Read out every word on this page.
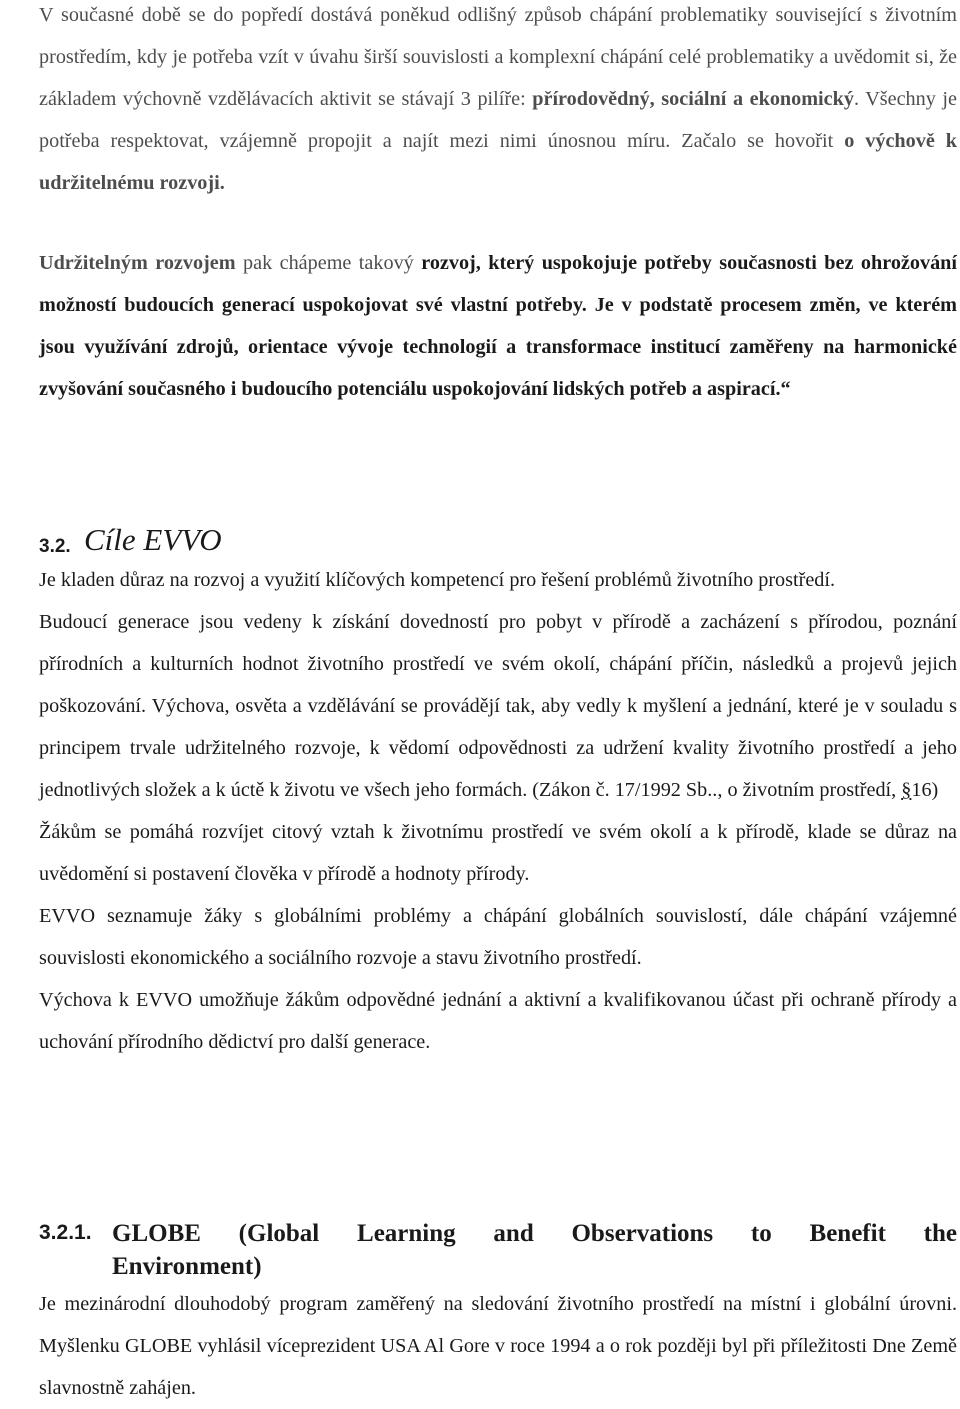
V současné době se do popředí dostává poněkud odlišný způsob chápání problematiky související s životním prostředím, kdy je potřeba vzít v úvahu širší souvislosti a komplexní chápání celé problematiky a uvědomit si, že základem výchovně vzdělávacích aktivit se stávají 3 pilíře: přírodovědný, sociální a ekonomický. Všechny je potřeba respektovat, vzájemně propojit a najít mezi nimi únosnou míru. Začalo se hovořit o výchově k udržitelnému rozvoji.

Udržitelným rozvojem pak chápeme takový rozvoj, který uspokojuje potřeby současnosti bez ohrožování možností budoucích generací uspokojovat své vlastní potřeby. Je v podstatě procesem změn, ve kterém jsou využívání zdrojů, orientace vývoje technologií a transformace institucí zaměřeny na harmonické zvyšování současného i budoucího potenciálu uspokojování lidských potřeb a aspirací.“

3.2. Cíle EVVO

Je kladen důraz na rozvoj a využití klíčových kompetencí pro řešení problémů životního prostředí.

Budoucí generace jsou vedeny k získání dovedností pro pobyt v přírodě a zacházení s přírodou, poznání přírodních a kulturních hodnot životního prostředí ve svém okolí, chápání příčin, následků a projevů jejich poškozování. Výchova, osvěta a vzdělávání se provádějí tak, aby vedly k myšlení a jednání, které je v souladu s principem trvale udržitelného rozvoje, k vědomí odpovědnosti za udržení kvality životního prostředí a jeho jednotlivých složek a k úctě k životu ve všech jeho formách. (Zákon č. 17/1992 Sb.., o životním prostředí, §16)

Žákům se pomáhá rozvíjet citový vztah k životnímu prostředí ve svém okolí a k přírodě, klade se důraz na uvědomění si postavení člověka v přírodě a hodnoty přírody.

EVVO seznamuje žáky s globálními problémy a chápání globálních souvislostí, dále chápání vzájemné souvislosti ekonomického a sociálního rozvoje a stavu životního prostředí.

Výchova k EVVO umožňuje žákům odpovědné jednání a aktivní a kvalifikovanou účast při ochraně přírody a uchování přírodního dědictví pro další generace.

3.2.1. GLOBE (Global Learning and Observations to Benefit the
Environment)

Je mezinárodní dlouhodobý program zaměřený na sledování životního prostředí na místní i globální úrovni. Myšlenku GLOBE vyhlásil víceprezident USA Al Gore v roce 1994 a o rok později byl při příležitosti Dne Země slavnostně zahájen.
